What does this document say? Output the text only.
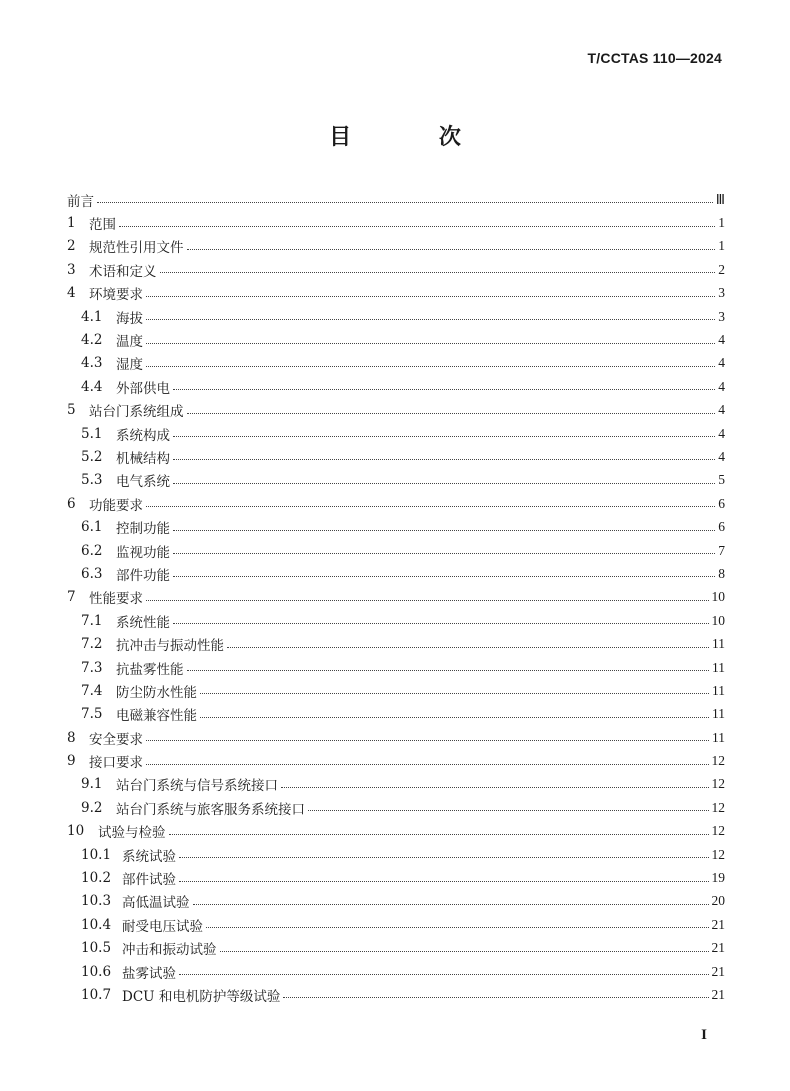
T/CCTAS 110—2024
目 次
前言	Ⅲ
1 范围	1
2 规范性引用文件	1
3 术语和定义	2
4 环境要求	3
4.1	海拔	3
4.2	温度	4
4.3	湿度	4
4.4	外部供电	4
5 站台门系统组成	4
5.1	系统构成	4
5.2	机械结构	4
5.3	电气系统	5
6 功能要求	6
6.1	控制功能	6
6.2	监视功能	7
6.3	部件功能	8
7 性能要求	10
7.1	系统性能	10
7.2	抗冲击与振动性能	11
7.3	抗盐雾性能	11
7.4	防尘防水性能	11
7.5	电磁兼容性能	11
8 安全要求	11
9 接口要求	12
9.1	站台门系统与信号系统接口	12
9.2	站台门系统与旅客服务系统接口	12
10	试验与检验	12
10.1 系统试验	12
10.2 部件试验	19
10.3 高低温试验	20
10.4 耐受电压试验	21
10.5 冲击和振动试验	21
10.6 盐雾试验	21
10.7 DCU 和电机防护等级试验	21
I
